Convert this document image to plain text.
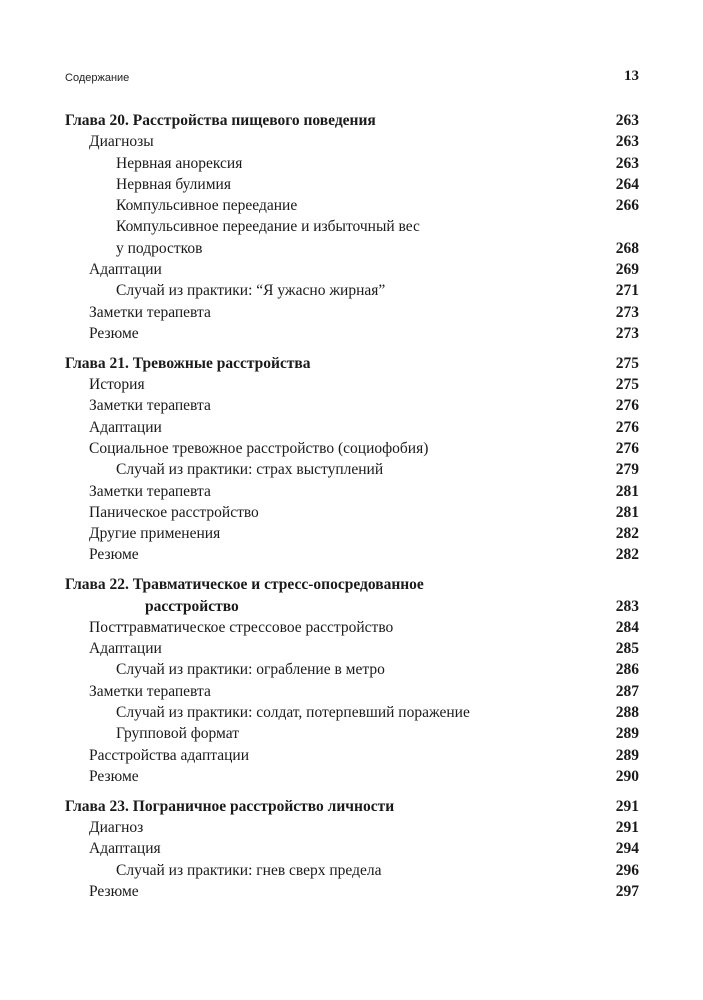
Содержание	13
Глава 20. Расстройства пищевого поведения	263
Диагнозы	263
Нервная анорексия	263
Нервная булимия	264
Компульсивное переедание	266
Компульсивное переедание и избыточный вес
у подростков	268
Адаптации	269
Случай из практики: “Я ужасно жирная”	271
Заметки терапевта	273
Резюме	273
Глава 21. Тревожные расстройства	275
История	275
Заметки терапевта	276
Адаптации	276
Социальное тревожное расстройство (социофобия)	276
Случай из практики: страх выступлений	279
Заметки терапевта	281
Паническое расстройство	281
Другие применения	282
Резюме	282
Глава 22. Травматическое и стресс-опосредованное
расстройство	283
Посттравматическое стрессовое расстройство	284
Адаптации	285
Случай из практики: ограбление в метро	286
Заметки терапевта	287
Случай из практики: солдат, потерпевший поражение	288
Групповой формат	289
Расстройства адаптации	289
Резюме	290
Глава 23. Пограничное расстройство личности	291
Диагноз	291
Адаптация	294
Случай из практики: гнев сверх предела	296
Резюме	297
